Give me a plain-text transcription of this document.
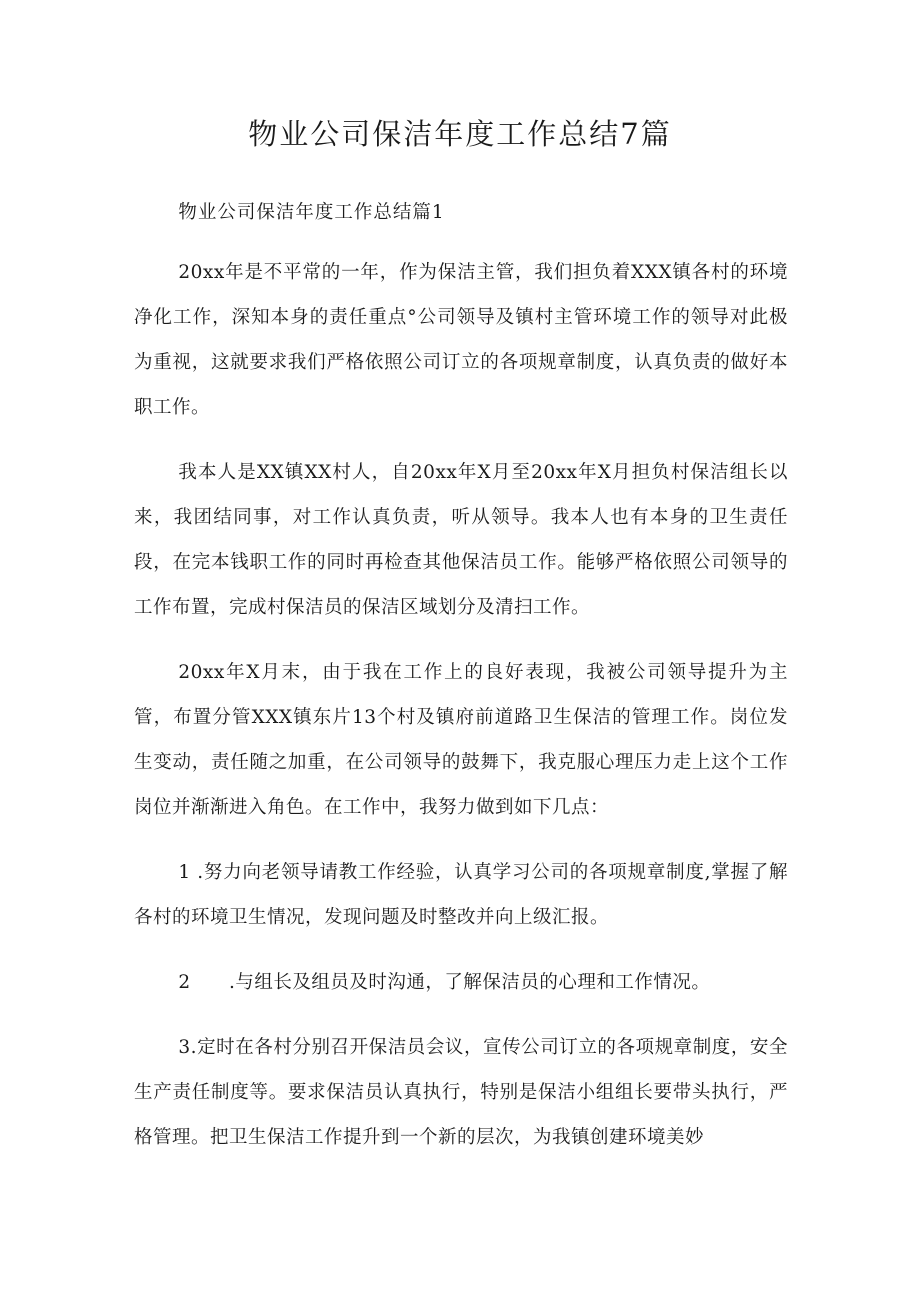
物业公司保洁年度工作总结7篇

物业公司保洁年度工作总结篇1

20xx年是不平常的一年，作为保洁主管，我们担负着XXX镇各村的环境净化工作，深知本身的责任重点°公司领导及镇村主管环境工作的领导对此极为重视，这就要求我们严格依照公司订立的各项规章制度，认真负责的做好本职工作。

我本人是XX镇XX村人，自20xx年X月至20xx年X月担负村保洁组长以来，我团结同事，对工作认真负责，听从领导。我本人也有本身的卫生责任段，在完本钱职工作的同时再检查其他保洁员工作。能够严格依照公司领导的工作布置，完成村保洁员的保洁区域划分及清扫工作。

20xx年X月末，由于我在工作上的良好表现，我被公司领导提升为主管，布置分管XXX镇东片13个村及镇府前道路卫生保洁的管理工作。岗位发生变动，责任随之加重，在公司领导的鼓舞下，我克服心理压力走上这个工作岗位并渐渐进入角色。在工作中，我努力做到如下几点：

1 .努力向老领导请教工作经验，认真学习公司的各项规章制度,掌握了解各村的环境卫生情况，发现问题及时整改并向上级汇报。

2      .与组长及组员及时沟通，了解保洁员的心理和工作情况。

3.定时在各村分别召开保洁员会议，宣传公司订立的各项规章制度，安全生产责任制度等。要求保洁员认真执行，特别是保洁小组组长要带头执行，严格管理。把卫生保洁工作提升到一个新的层次，为我镇创建环境美妙
